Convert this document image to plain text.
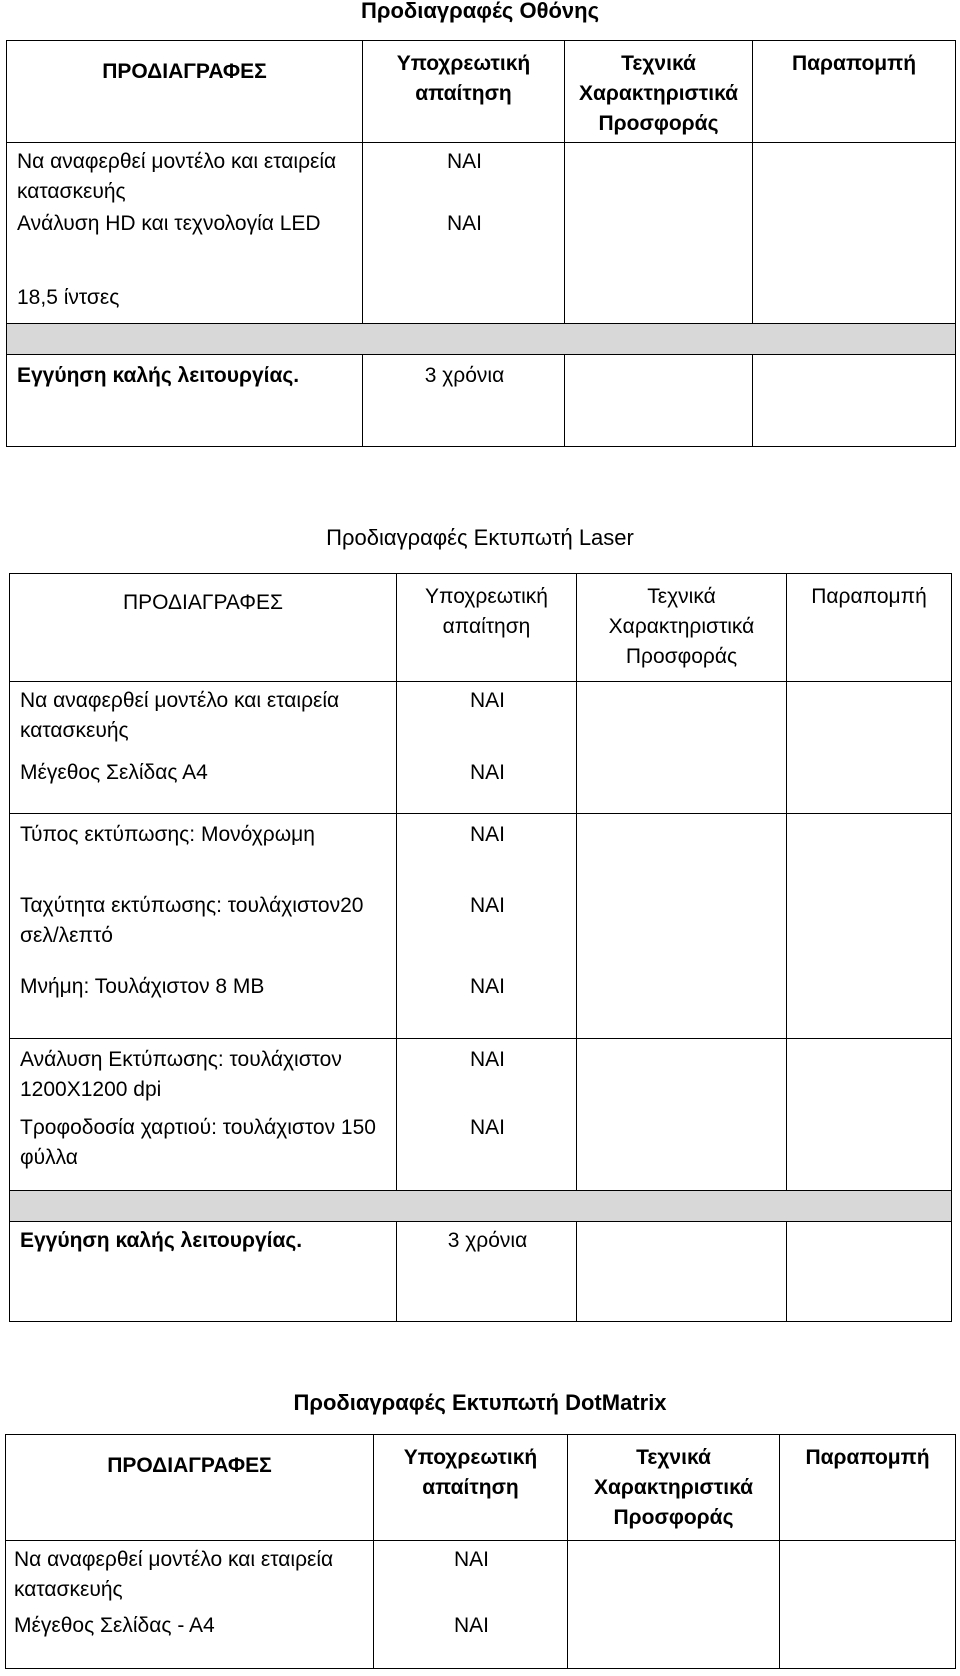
Προδιαγραφές Οθόνης
ΠΡΟΔΙΑΓΡΑΦΕΣ	Υποχρεωτική απαίτηση	Τεχνικά Χαρακτηριστικά Προσφοράς	Παραπομπή
Να αναφερθεί μοντέλο και εταιρεία κατασκευής	ΝΑΙ		
Ανάλυση HD και τεχνολογία LED	ΝΑΙ		
18,5 ίντσες			

Εγγύηση καλής λειτουργίας.	3 χρόνια		
Προδιαγραφές Εκτυπωτή Laser
ΠΡΟΔΙΑΓΡΑΦΕΣ	Υποχρεωτική απαίτηση	Τεχνικά Χαρακτηριστικά Προσφοράς	Παραπομπή
Να αναφερθεί μοντέλο και εταιρεία κατασκευής	ΝΑΙ		
Μέγεθος Σελίδας Α4	ΝΑΙ		
Τύπος εκτύπωσης: Μονόχρωμη	ΝΑΙ		
Ταχύτητα εκτύπωσης: τουλάχιστον20 σελ/λεπτό	ΝΑΙ		
Μνήμη: Τουλάχιστον 8 MB	ΝΑΙ		
Ανάλυση Εκτύπωσης: τουλάχιστον 1200Χ1200 dpi	ΝΑΙ		
Τροφοδοσία χαρτιού: τουλάχιστον 150 φύλλα	ΝΑΙ		

Εγγύηση καλής λειτουργίας.	3 χρόνια		
Προδιαγραφές Εκτυπωτή DotMatrix
ΠΡΟΔΙΑΓΡΑΦΕΣ	Υποχρεωτική απαίτηση	Τεχνικά Χαρακτηριστικά Προσφοράς	Παραπομπή
Να αναφερθεί μοντέλο και εταιρεία κατασκευής	ΝΑΙ		
Μέγεθος Σελίδας - Α4	ΝΑΙ		
